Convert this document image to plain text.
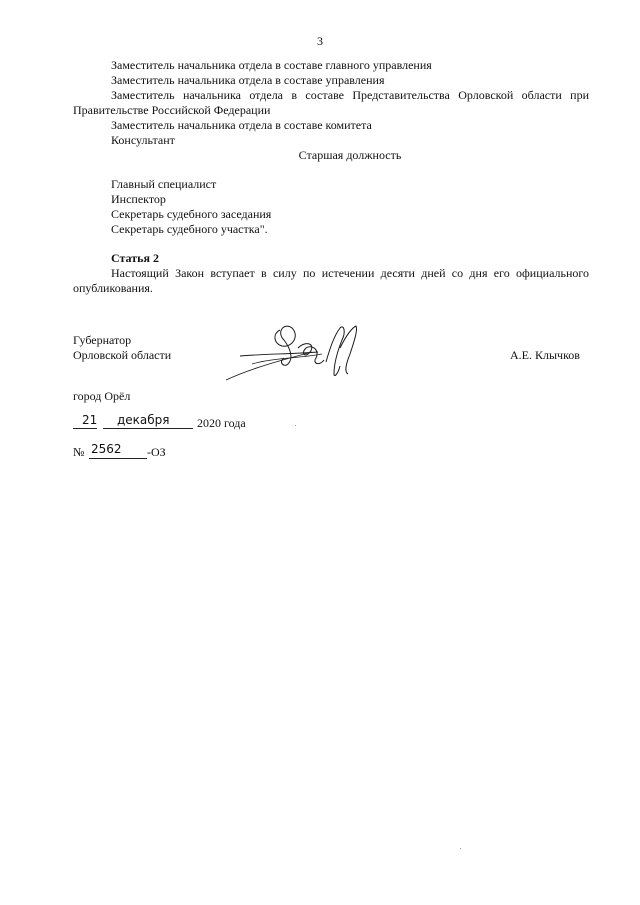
3
Заместитель начальника отдела в составе главного управления
Заместитель начальника отдела в составе управления
Заместитель начальника отдела в составе Представительства Орловской области при
Правительстве Российской Федерации
Заместитель начальника отдела в составе комитета
Консультант
Старшая должность
Главный специалист
Инспектор
Секретарь судебного заседания
Секретарь судебного участка".
Статья 2
Настоящий Закон вступает в силу по истечении десяти дней со дня его официального опубликования.
Губернатор
Орловской области	А.Е. Клычков
город Орёл
21 декабря 2020 года
№ 2562 -ОЗ
